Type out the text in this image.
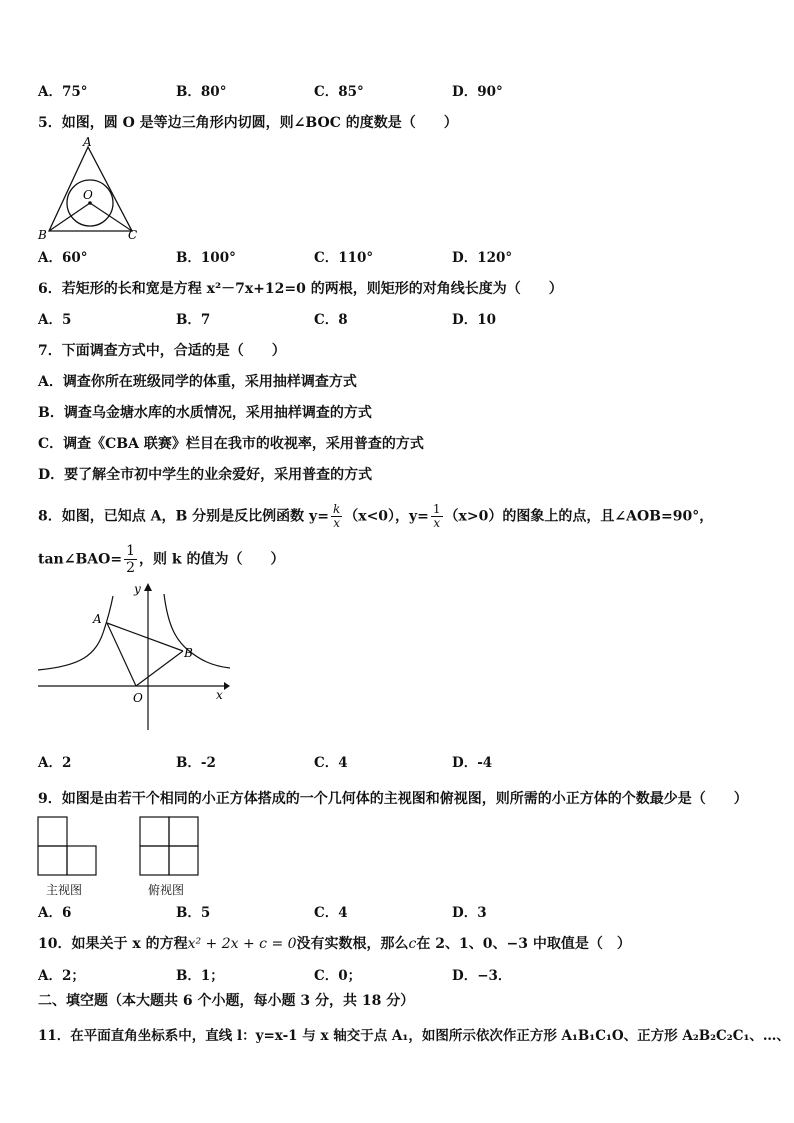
A．75°	B．80°	C．85°	D．90°
5．如图，圆 O 是等边三角形内切圆，则∠BOC 的度数是（　　）
A
B	C
O
A．60°	B．100°	C．110°	D．120°
6．若矩形的长和宽是方程 x²－7x+12=0 的两根，则矩形的对角线长度为（　　）
A．5	B．7	C．8	D．10
7．下面调查方式中，合适的是（　　）
A．调查你所在班级同学的体重，采用抽样调查方式
B．调查乌金塘水库的水质情况，采用抽样调查的方式
C．调查《CBA 联赛》栏目在我市的收视率，采用普查的方式
D．要了解全市初中学生的业余爱好，采用普查的方式
8．如图，已知点 A，B 分别是反比例函数 $y= \frac{k}{x} (x<0)$，$y= \frac{1}{x} (x>0)$的图象上的点，且∠AOB=90°，
tan∠BAO= $\frac{1}{2}$ ，则 k 的值为（　　）
y
x
A
B
O
A．2	B．-2	C．4	D．-4
9．如图是由若干个相同的小正方体搭成的一个几何体的主视图和俯视图，则所需的小正方体的个数最少是（　　）
主视图	俯视图
A．6	B．5	C．4	D．3
10．如果关于 x 的方程x² + 2x + c = 0没有实数根，那么c在 2、1、0、−3 中取值是（　）
A．2；	B．1；	C．0；	D．−3．
二、填空题（本大题共 6 个小题，每小题 3 分，共 18 分）
11．在平面直角坐标系中，直线 l：y=x-1 与 x 轴交于点 A₁，如图所示依次作正方形 A₁B₁C₁O、正方形 A₂B₂C₂C₁、…、
